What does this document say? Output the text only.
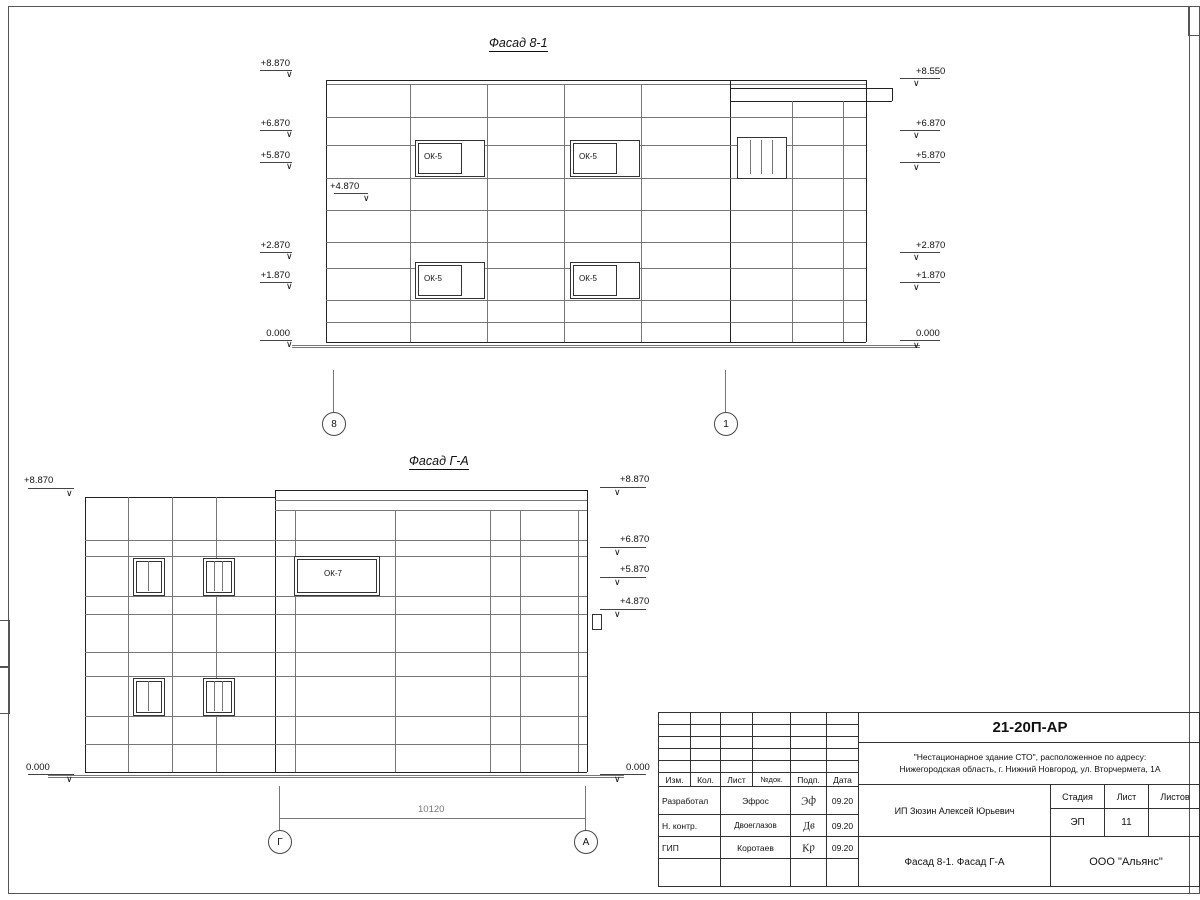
Фасад 8-1
ОК-5	ОК-5
ОК-5	ОК-5
+8.870
∨
+6.870
∨
+5.870
∨
+4.870
∨
+2.870
∨
+1.870
∨
0.000
∨
+8.550
∨
+6.870
∨
+5.870
∨
+2.870
∨
+1.870
∨
0.000
∨
8	1
Фасад Г-А
ОК-7
+8.870
∨
0.000
∨
+8.870
∨
+6.870
∨
+5.870
∨
+4.870
∨
0.000
∨
10120
Г	А
21-20П-АР
"Нестационарное здание СТО", расположенное по адресу:
Нижегородская область, г. Нижний Новгород, ул. Вторчермета, 1А
Изм.	Кол.	Лист	№док.	Подп.	Дата
Разработал	Эфрос	Эф	09.20
Н. контр.	Двоеглазов	Дв	09.20
ГИП	Коротаев	Кр	09.20
ИП Зюзин Алексей Юрьевич
Фасад 8-1. Фасад Г-А
Стадия	Лист	Листов
ЭП	11
ООО "Альянс"
